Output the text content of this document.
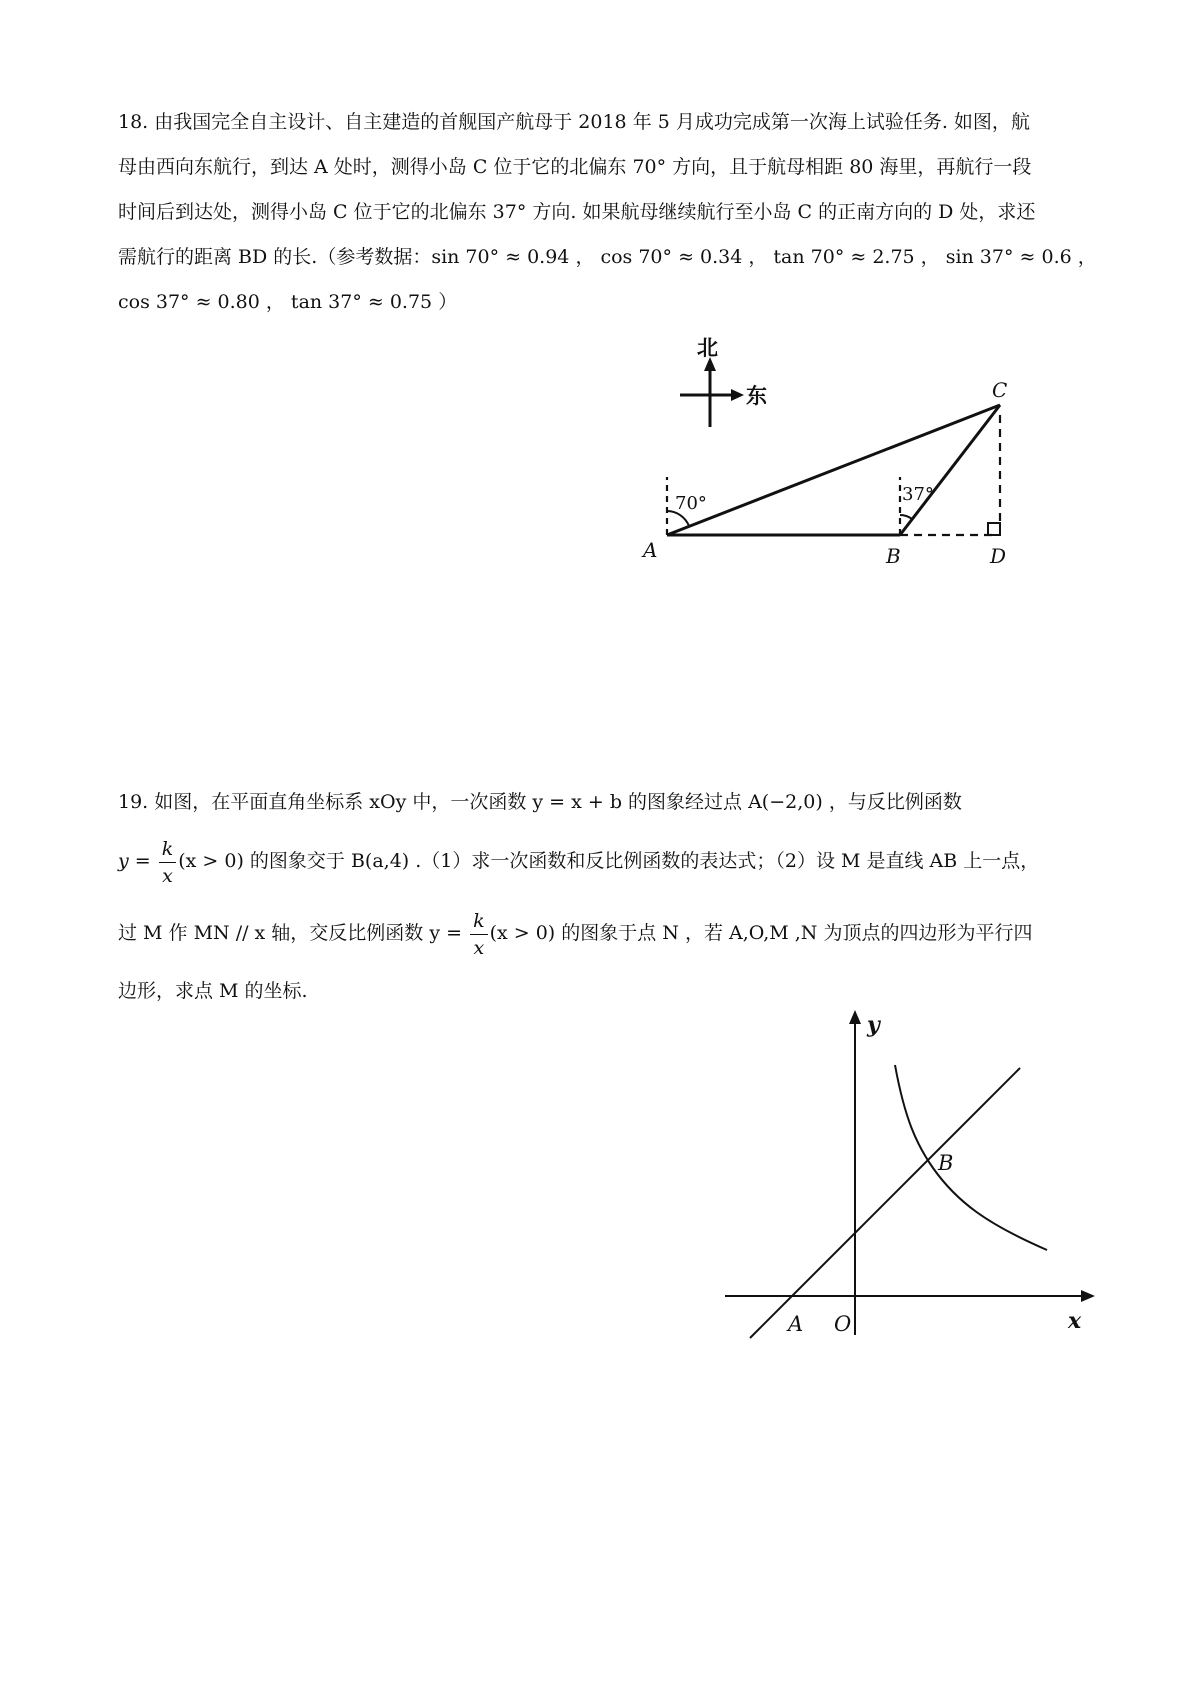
18. 由我国完全自主设计、自主建造的首舰国产航母于 2018 年 5 月成功完成第一次海上试验任务. 如图，航
母由西向东航行，到达 A 处时，测得小岛 C 位于它的北偏东 70° 方向，且于航母相距 80 海里，再航行一段
时间后到达处，测得小岛 C 位于它的北偏东 37° 方向. 如果航母继续航行至小岛 C 的正南方向的 D 处，求还
需航行的距离 BD 的长.（参考数据：sin 70° ≈ 0.94 ， cos 70° ≈ 0.34 ， tan 70° ≈ 2.75 ， sin 37° ≈ 0.6 ，
cos 37° ≈ 0.80 ， tan 37° ≈ 0.75 ）
北
东
70°	37°
A	B
C
D
19. 如图，在平面直角坐标系 xOy 中，一次函数 y = x + b 的图象经过点 A(−2,0) ，与反比例函数
$y = \frac{k}{x} (x > 0)$ 的图象交于 B(a,4) .（1）求一次函数和反比例函数的表达式；（2）设 M 是直线 AB 上一点，
过 M 作 MN // x 轴，交反比例函数 $y = \frac{k}{x} (x > 0)$ 的图象于点 N ，若 A,O,M ,N 为顶点的四边形为平行四
边形，求点 M 的坐标.
y
x
A O
B
